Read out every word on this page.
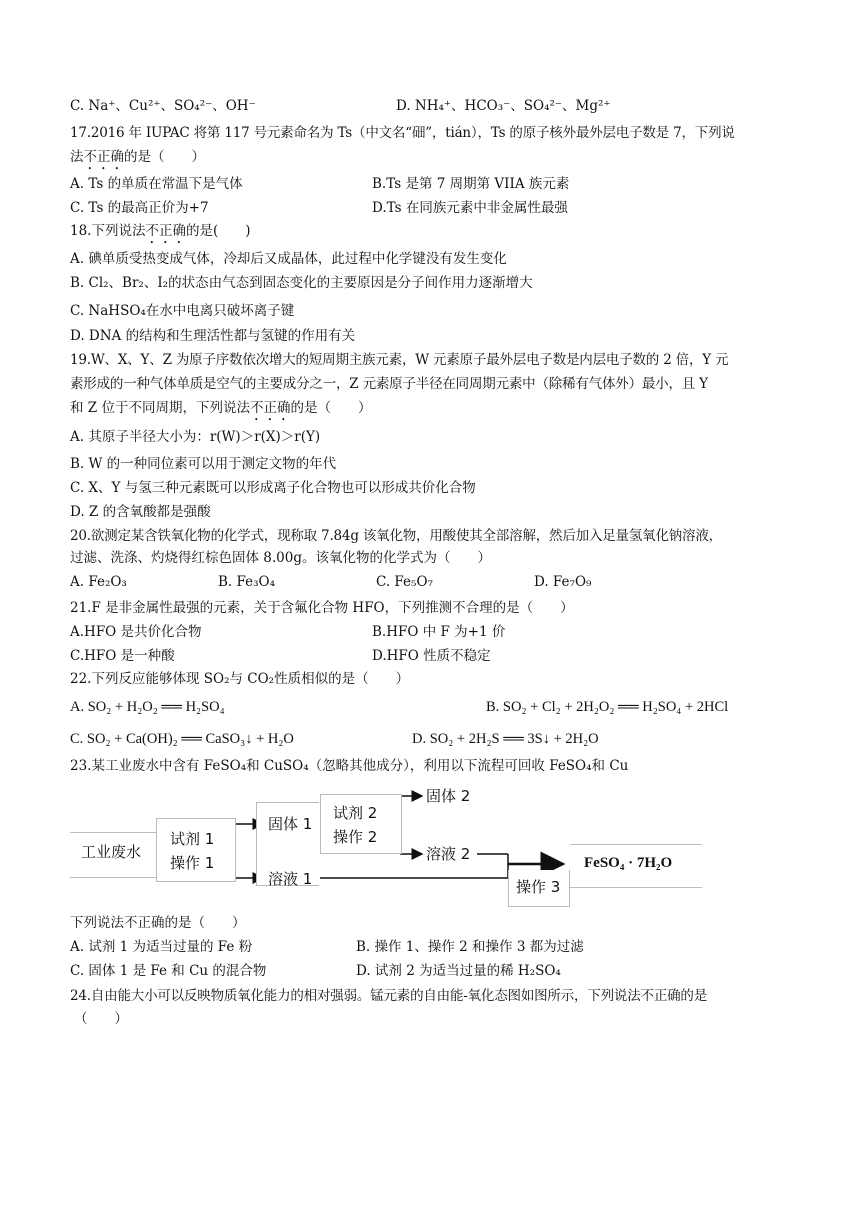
C. Na⁺、Cu²⁺、SO₄²⁻、OH⁻	D. NH₄⁺、HCO₃⁻、SO₄²⁻、Mg²⁺
17.2016 年 IUPAC 将第 117 号元素命名为 Ts（中文名“鿬”，tián），Ts 的原子核外最外层电子数是 7，下列说
法不正确的是（　　）
A. Ts 的单质在常温下是气体	B.Ts 是第 7 周期第 VIIA 族元素
C. Ts 的最高正价为+7	D.Ts 在同族元素中非金属性最强
18.下列说法不正确的是(　　)
A. 碘单质受热变成气体，冷却后又成晶体，此过程中化学键没有发生变化
B. Cl₂、Br₂、I₂的状态由气态到固态变化的主要原因是分子间作用力逐渐增大
C. NaHSO₄在水中电离只破坏离子键
D. DNA 的结构和生理活性都与氢键的作用有关
19.W、X、Y、Z 为原子序数依次增大的短周期主族元素，W 元素原子最外层电子数是内层电子数的 2 倍，Y 元
素形成的一种气体单质是空气的主要成分之一，Z 元素原子半径在同周期元素中（除稀有气体外）最小，且 Y
和 Z 位于不同周期，下列说法不正确的是（　　）
A. 其原子半径大小为：r(W)＞r(X)＞r(Y)
B. W 的一种同位素可以用于测定文物的年代
C. X、Y 与氢三种元素既可以形成离子化合物也可以形成共价化合物
D. Z 的含氧酸都是强酸
20.欲测定某含铁氧化物的化学式，现称取 7.84g 该氧化物，用酸使其全部溶解，然后加入足量氢氧化钠溶液，
过滤、洗涤、灼烧得红棕色固体 8.00g。该氧化物的化学式为（　　）
A. Fe₂O₃	B. Fe₃O₄	C. Fe₅O₇	D. Fe₇O₉
21.F 是非金属性最强的元素，关于含氟化合物 HFO，下列推测不合理的是（　　）
A.HFO 是共价化合物	B.HFO 中 F 为+1 价
C.HFO 是一种酸	D.HFO 性质不稳定
22.下列反应能够体现 SO₂与 CO₂性质相似的是（　　）
A. SO₂ + H₂O₂ ══ H₂SO₄	B. SO₂ + Cl₂ + 2H₂O₂ ══ H₂SO₄ + 2HCl
C. SO₂ + Ca(OH)₂ ══ CaSO₃↓ + H₂O	D. SO₂ + 2H₂S ══ 3S↓ + 2H₂O
23.某工业废水中含有 FeSO₄和 CuSO₄（忽略其他成分），利用以下流程可回收 FeSO₄和 Cu
工业废水
试剂 1
操作 1
固体 1
溶液 1
试剂 2
操作 2
固体 2
溶液 2
操作 3
FeSO₄ · 7H₂O
下列说法不正确的是（　　）
A. 试剂 1 为适当过量的 Fe 粉	B. 操作 1、操作 2 和操作 3 都为过滤
C. 固体 1 是 Fe 和 Cu 的混合物	D. 试剂 2 为适当过量的稀 H₂SO₄
24.自由能大小可以反映物质氧化能力的相对强弱。锰元素的自由能-氧化态图如图所示，下列说法不正确的是
（　　）
